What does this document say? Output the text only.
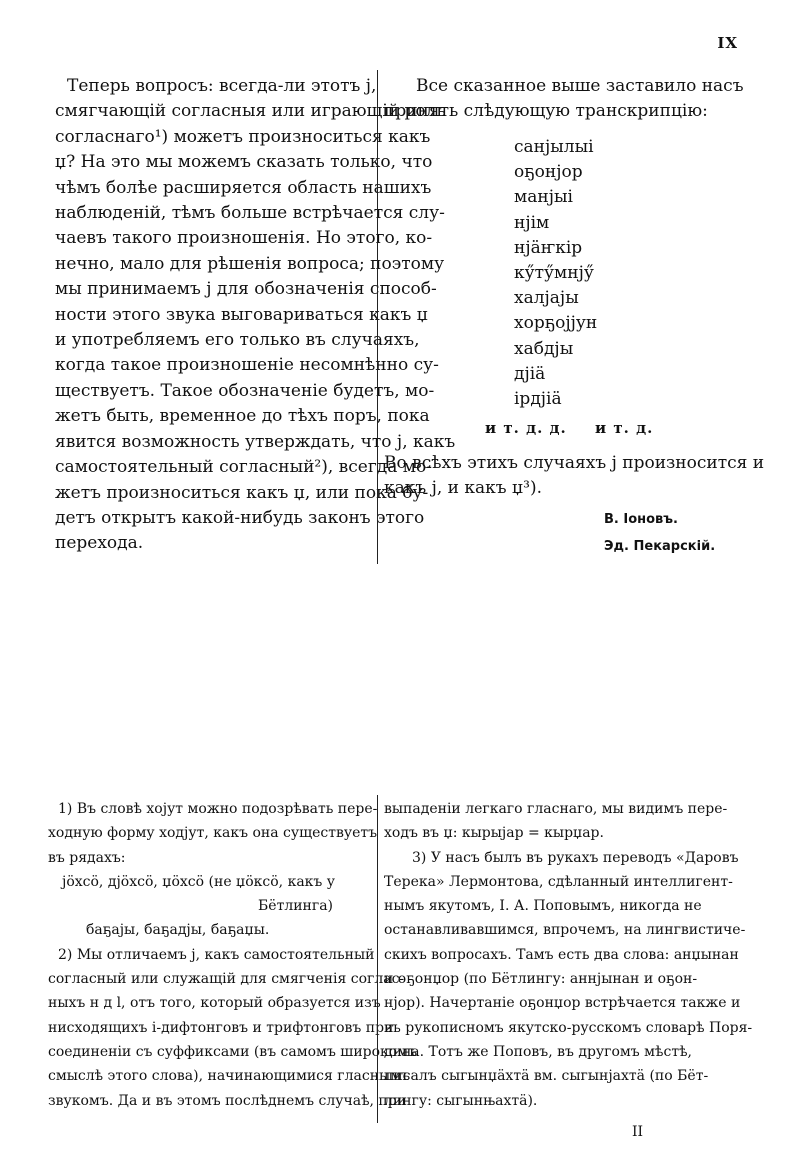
IX
Теперь вопросъ: всегда-ли этотъ ј,
смягчающій согласныя или играющій роль
согласнаго¹) можетъ произноситься какъ
џ? На это мы можемъ сказать только, что
чѣмъ болѣе расширяется область нашихъ
наблюденій, тѣмъ больше встрѣчается слу-
чаевъ такого произношенія. Но этого, ко-
нечно, мало для рѣшенія вопроса; поэтому
мы принимаемъ ј для обозначенія способ-
ности этого звука выговариваться какъ џ
и употребляемъ его только въ случаяхъ,
когда такое произношеніе несомнѣнно су-
ществуетъ. Такое обозначеніе будетъ, мо-
жетъ быть, временное до тѣхъ поръ, пока
явится возможность утверждать, что ј, какъ
самостоятельный согласный²), всегда мо-
жетъ произноситься какъ џ, или пока бу-
детъ открытъ какой-нибудь законъ этого
перехода.
Все сказанное выше заставило насъ
принять слѣдующую транскрипцію:
санјылыі
оҕонјор
манјыі
нјім
нјӓҥкір
кӳтӳмнјӳ
халјајы
хорҕојјун
хабдјы
дјіӓ
ірдјіӓ
и т. д. д. и т. д.
Во всѣхъ этихъ случаяхъ ј произносится и
какъ ј, и какъ џ³).
В. Іоновъ.
Эд. Пекарскій.
1) Въ словѣ хојут можно подозрѣвать пере-
ходную форму ходјут, какъ она существуетъ
въ рядахъ:
јӧхсӧ, дјӧхсӧ, џӧхсӧ (не џӧксӧ, какъ у
Бётлинга)
баҕајы, баҕадјы, баҕаџы.
2) Мы отличаемъ ј, какъ самостоятельный
согласный или служащій для смягченія соглас-
ныхъ н д l, отъ того, который образуется изъ
нисходящихъ і-дифтонговъ и трифтонговъ при
соединеніи съ суффиксами (въ самомъ широкомъ
смыслѣ этого слова), начинающимися гласнымъ
звукомъ. Да и въ этомъ послѣднемъ случаѣ, при
выпаденіи легкаго гласнаго, мы видимъ пере-
ходъ въ џ: кырыјар = кырџар.
3) У насъ былъ въ рукахъ переводъ «Даровъ
Терека» Лермонтова, сдѣланный интеллигент-
нымъ якутомъ, І. А. Поповымъ, никогда не
останавливавшимся, впрочемъ, на лингвистиче-
скихъ вопросахъ. Тамъ есть два слова: анџынан
и оҕонџор (по Бётлингу: аннјынан и оҕон-
нјор). Начертаніе оҕонџор встрѣчается также и
въ рукописномъ якутско-русскомъ словарѣ Поря-
дина. Тотъ же Поповъ, въ другомъ мѣстѣ,
писалъ сыгынџӓхтӓ вм. сыгынјахтӓ (по Бёт-
лингу: сыгынњахтӓ).
II
